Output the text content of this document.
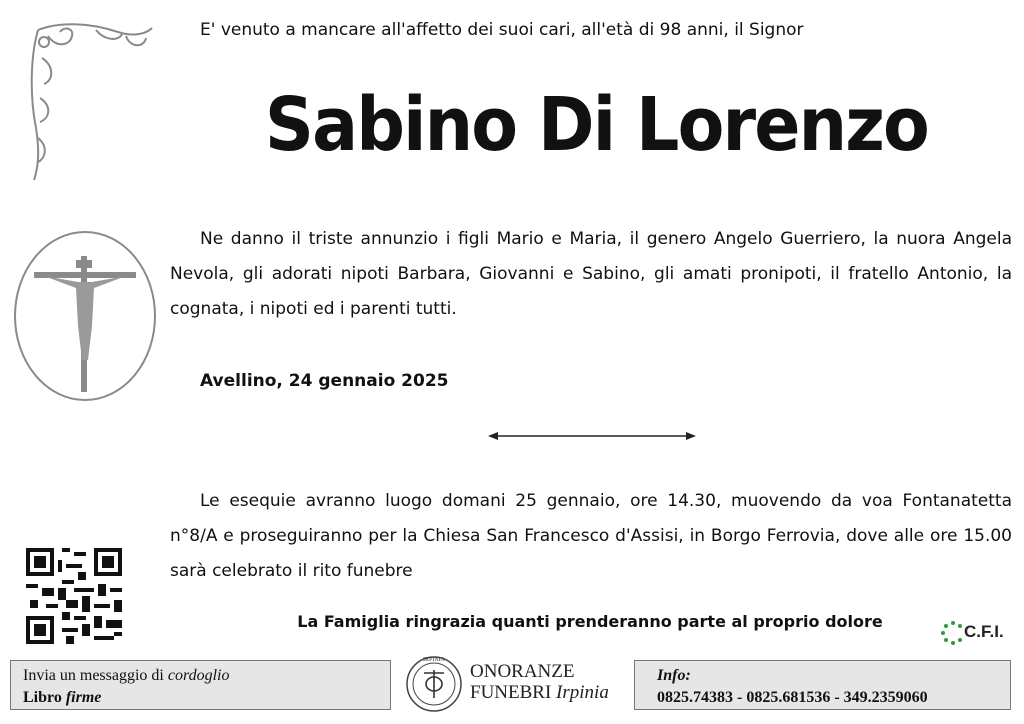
E' venuto a mancare all'affetto dei suoi cari, all'età di 98 anni, il Signor
Sabino Di Lorenzo
Ne danno il triste annunzio i figli Mario e Maria, il genero Angelo Guerriero, la nuora Angela Nevola, gli adorati nipoti Barbara, Giovanni e Sabino, gli amati pronipoti, il fratello Antonio, la cognata, i nipoti ed i parenti tutti.
Avellino, 24 gennaio 2025
Le esequie avranno luogo domani 25 gennaio, ore 14.30, muovendo da voa Fontanatetta n°8/A e proseguiranno per la Chiesa San Francesco d'Assisi, in Borgo Ferrovia, dove alle ore 15.00 sarà celebrato il rito funebre
La Famiglia ringrazia quanti prenderanno parte al proprio dolore
C.F.I.
Invia un messaggio di cordoglio
Libro firme
IRPINIA
ONORANZE
FUNEBRI Irpinia
Info:
0825.74383 - 0825.681536 - 349.2359060
